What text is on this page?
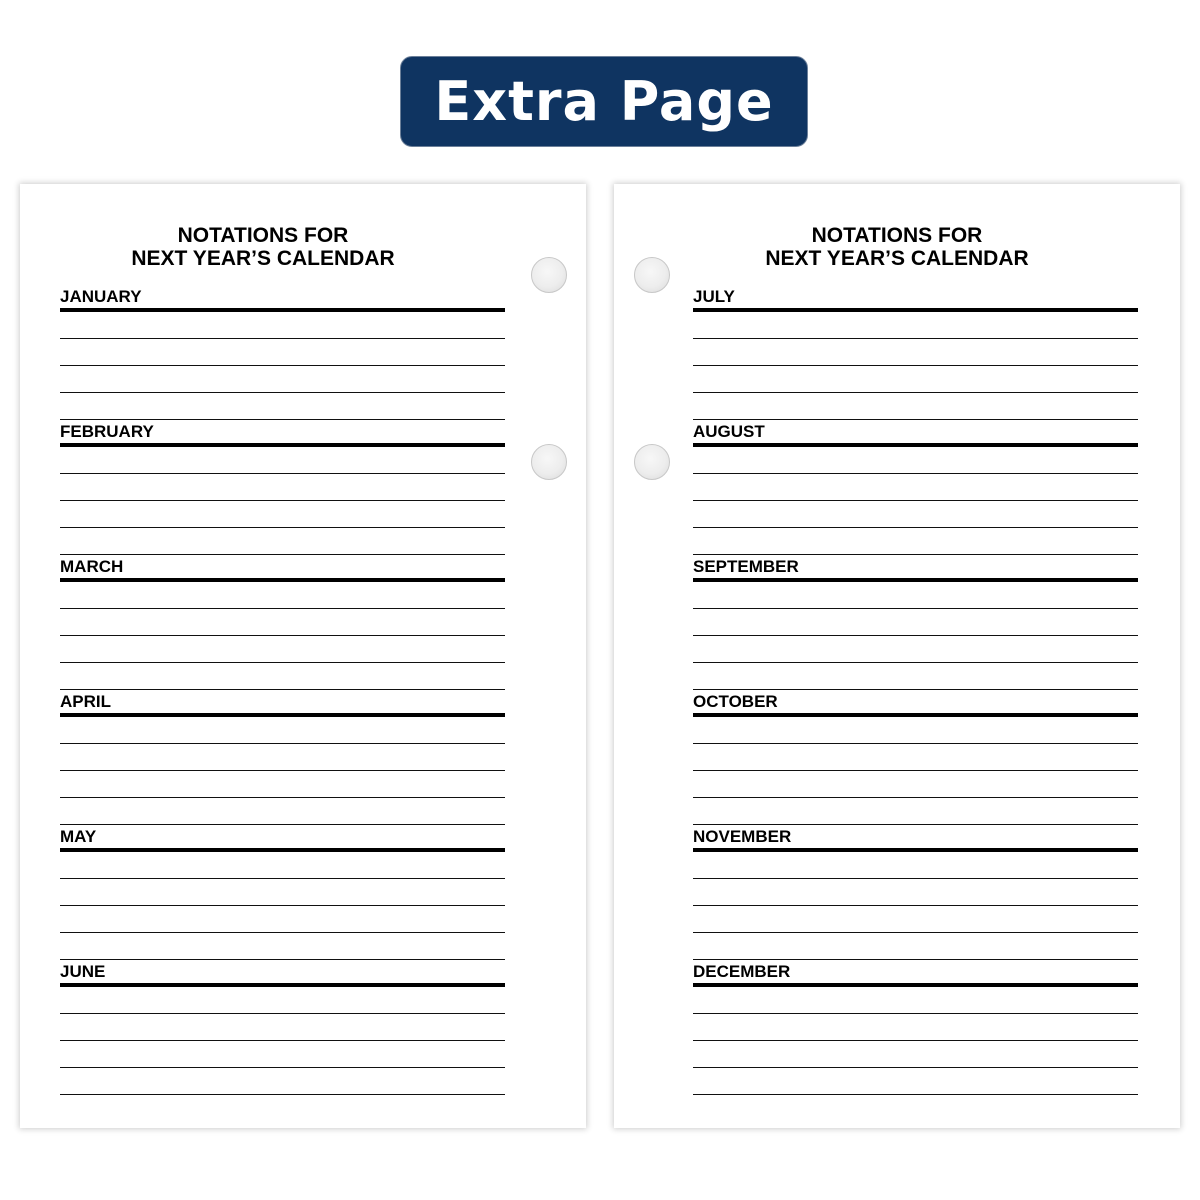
Extra Page
NOTATIONS FOR
NEXT YEAR’S CALENDAR
JANUARY
FEBRUARY
MARCH
APRIL
MAY
JUNE
NOTATIONS FOR
NEXT YEAR’S CALENDAR
JULY
AUGUST
SEPTEMBER
OCTOBER
NOVEMBER
DECEMBER
